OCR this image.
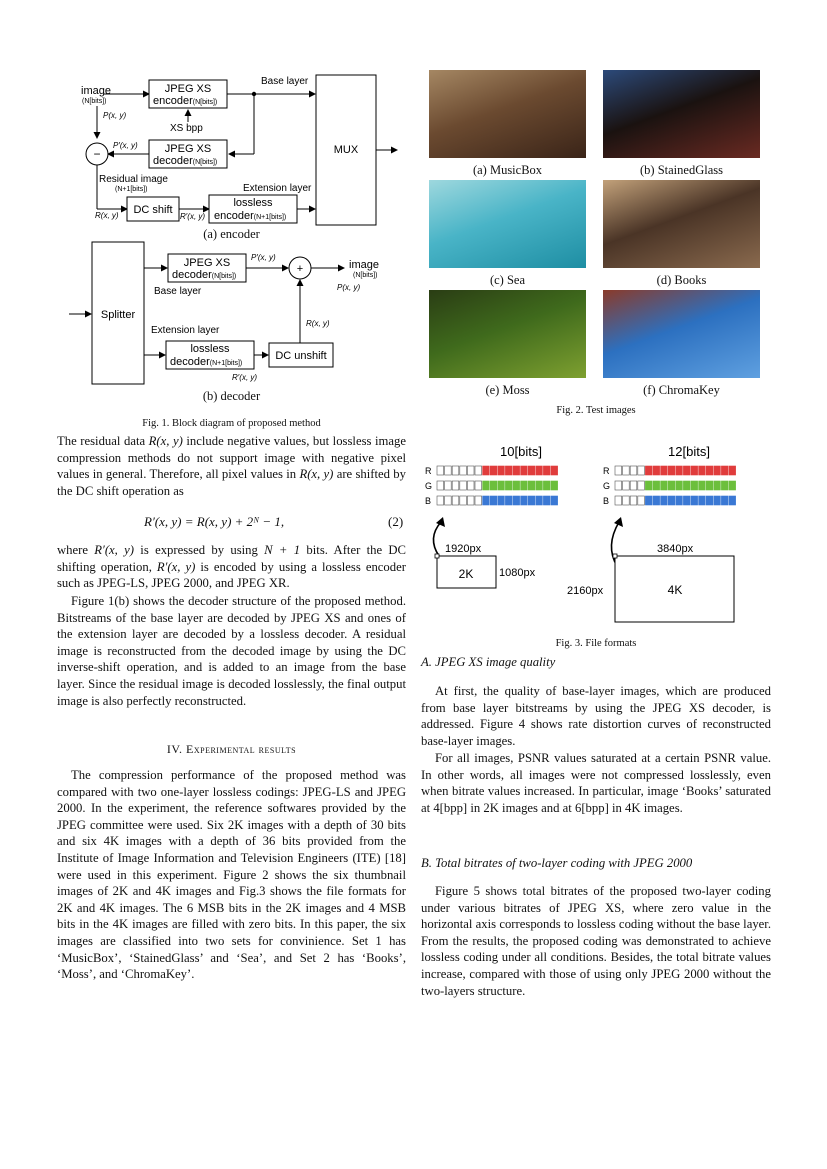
image
(N[bits])
P(x, y)
JPEG XS
encoder(N[bits])
Base layer
XS bpp
JPEG XS
decoder(N[bits])
P′(x, y)
−
Residual image
(N+1[bits])
R(x, y) DC shift
R′(x, y)
lossless
encoder(N+1[bits])
Extension layer
MUX
(a) encoder
Splitter
JPEG XS
decoder(N[bits])
Base layer
P′(x, y)
+	image
(N[bits])
P(x, y)
Extension layer
lossless
decoder(N+1[bits])
R′(x, y)
DC unshift
R(x, y)
(b) decoder
Fig. 1. Block diagram of proposed method

The residual data R(x, y) include negative values, but lossless image compression methods do not support image with negative pixel values in general. Therefore, all pixel values in R(x, y) are shifted by the DC shift operation as

R′(x, y) = R(x, y) + 2ᴺ − 1,	(2)

where R′(x, y) is expressed by using N + 1 bits. After the DC shifting operation, R′(x, y) is encoded by using a lossless encoder such as JPEG-LS, JPEG 2000, and JPEG XR.

Figure 1(b) shows the decoder structure of the proposed method. Bitstreams of the base layer are decoded by JPEG XS and ones of the extension layer are decoded by a lossless decoder. A residual image is reconstructed from the decoded image by using the DC inverse-shift operation, and is added to an image from the base layer. Since the residual image is decoded losslessly, the final output image is also perfectly reconstructed.

IV. Experimental results

The compression performance of the proposed method was compared with two one-layer lossless codings: JPEG-LS and JPEG 2000. In the experiment, the reference softwares provided by the JPEG committee were used. Six 2K images with a depth of 30 bits and six 4K images with a depth of 36 bits provided from the Institute of Image Information and Television Engineers (ITE) [18] were used in this experiment. Figure 2 shows the six thumbnail images of 2K and 4K images and Fig.3 shows the file formats for 2K and 4K images. The 6 MSB bits in the 2K images and 4 MSB bits in the 4K images are filled with zero bits. In this paper, the six images are classified into two sets for convinience. Set 1 has ‘MusicBox’, ‘StainedGlass’ and ‘Sea’, and Set 2 has ‘Books’, ‘Moss’, and ‘ChromaKey’.

(a) MusicBox	(b) StainedGlass
(c) Sea	(d) Books
(e) Moss	(f) ChromaKey
Fig. 2. Test images
R
G
B
R
G
B
10[bits]	12[bits]
1920px
1080px
2K
3840px
2160px	4K
Fig. 3. File formats
A. JPEG XS image quality

At first, the quality of base-layer images, which are produced from base layer bitstreams by using the JPEG XS decoder, is addressed. Figure 4 shows rate distortion curves of reconstructed base-layer images.

For all images, PSNR values saturated at a certain PSNR value. In other words, all images were not compressed losslessly, even when bitrate values increased. In particular, image ‘Books’ saturated at 4[bpp] in 2K images and at 6[bpp] in 4K images.

B. Total bitrates of two-layer coding with JPEG 2000

Figure 5 shows total bitrates of the proposed two-layer coding under various bitrates of JPEG XS, where zero value in the horizontal axis corresponds to lossless coding without the base layer. From the results, the proposed coding was demonstrated to achieve lossless coding under all conditions. Besides, the total bitrate values increase, compared with those of using only JPEG 2000 without the two-layers structure.
